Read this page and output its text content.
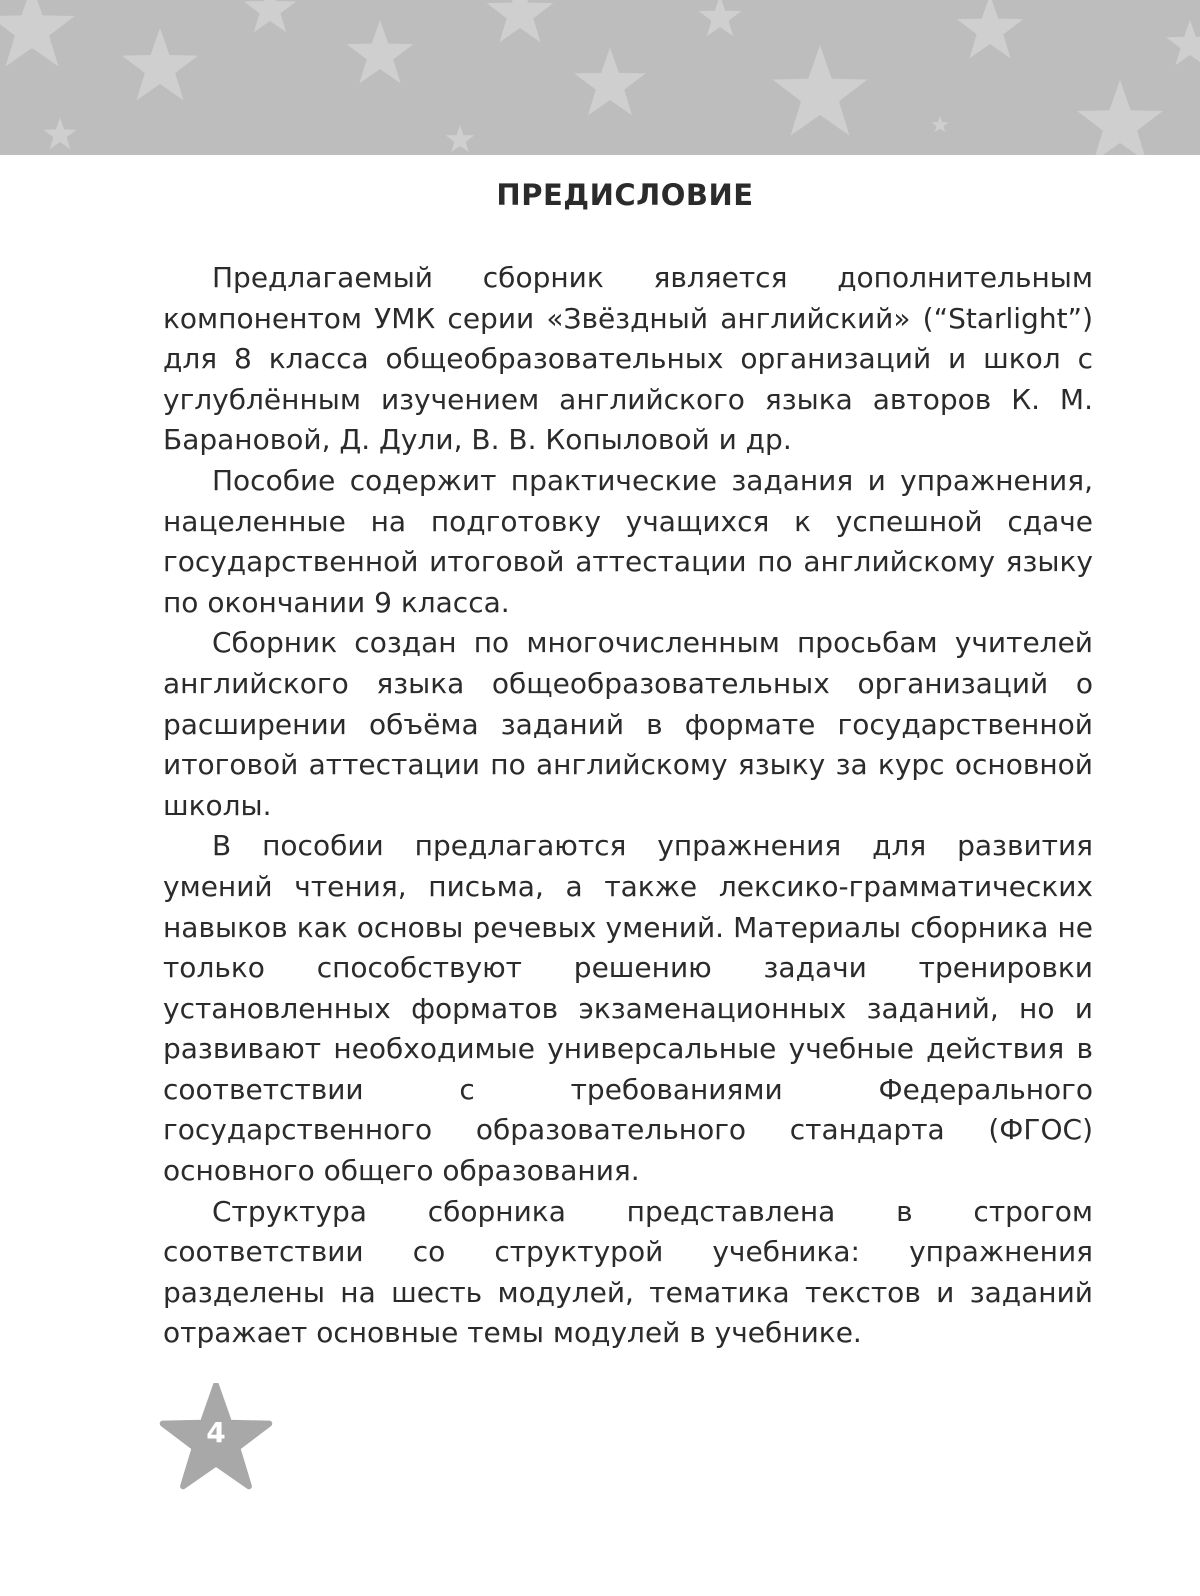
ПРЕДИСЛОВИЕ

Предлагаемый сборник является дополнительным компонентом УМК серии «Звёздный английский» (“Starlight”) для 8 класса общеобразовательных организаций и школ с углублённым изучением английского языка авторов К. М. Барановой, Д. Дули, В. В. Копыловой и др.

Пособие содержит практические задания и упражнения, нацеленные на подготовку учащихся к успешной сдаче государственной итоговой аттестации по английскому языку по окончании 9 класса.

Сборник создан по многочисленным просьбам учителей английского языка общеобразовательных организаций о расширении объёма заданий в формате государственной итоговой аттестации по английскому языку за курс основной школы.

В пособии предлагаются упражнения для развития умений чтения, письма, а также лексико-грамматических навыков как основы речевых умений. Материалы сборника не только способствуют решению задачи тренировки установленных форматов экзаменационных заданий, но и развивают необходимые универсальные учебные действия в соответствии с требованиями Федерального государственного образовательного стандарта (ФГОС) основного общего образования.

Структура сборника представлена в строгом соответствии со структурой учебника: упражнения разделены на шесть модулей, тематика текстов и заданий отражает основные темы модулей в учебнике.

4
